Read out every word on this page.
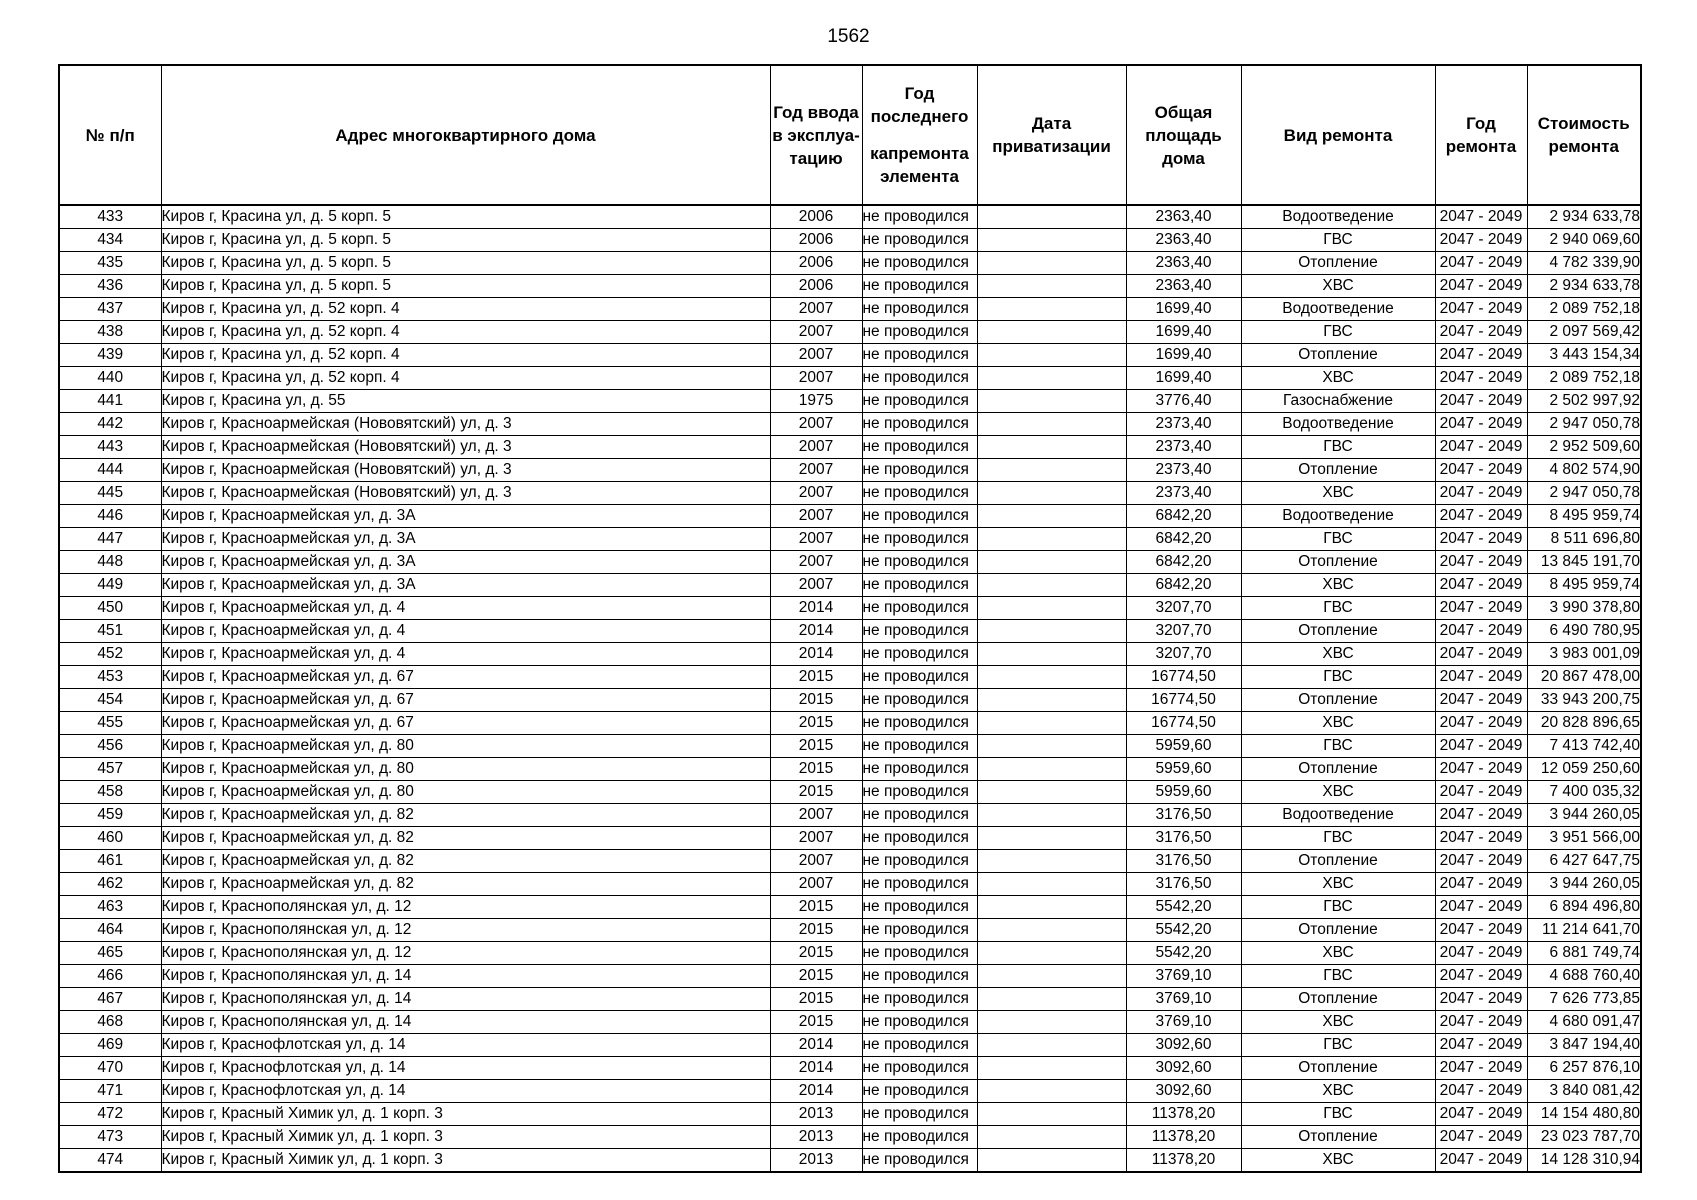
1562
№ п/п	Адрес многоквартирного дома	Год ввода в эксплуа-тацию	Год последнего
капремонта элемента	Дата приватизации	Общая площадь дома	Вид ремонта	Год ремонта	Стоимость ремонта
433	Киров г, Красина ул, д. 5 корп. 5	2006	не проводился		2363,40	Водоотведение	2047 - 2049	2 934 633,78
434	Киров г, Красина ул, д. 5 корп. 5	2006	не проводился		2363,40	ГВС	2047 - 2049	2 940 069,60
435	Киров г, Красина ул, д. 5 корп. 5	2006	не проводился		2363,40	Отопление	2047 - 2049	4 782 339,90
436	Киров г, Красина ул, д. 5 корп. 5	2006	не проводился		2363,40	ХВС	2047 - 2049	2 934 633,78
437	Киров г, Красина ул, д. 52 корп. 4	2007	не проводился		1699,40	Водоотведение	2047 - 2049	2 089 752,18
438	Киров г, Красина ул, д. 52 корп. 4	2007	не проводился		1699,40	ГВС	2047 - 2049	2 097 569,42
439	Киров г, Красина ул, д. 52 корп. 4	2007	не проводился		1699,40	Отопление	2047 - 2049	3 443 154,34
440	Киров г, Красина ул, д. 52 корп. 4	2007	не проводился		1699,40	ХВС	2047 - 2049	2 089 752,18
441	Киров г, Красина ул, д. 55	1975	не проводился		3776,40	Газоснабжение	2047 - 2049	2 502 997,92
442	Киров г, Красноармейская (Нововятский) ул, д. 3	2007	не проводился		2373,40	Водоотведение	2047 - 2049	2 947 050,78
443	Киров г, Красноармейская (Нововятский) ул, д. 3	2007	не проводился		2373,40	ГВС	2047 - 2049	2 952 509,60
444	Киров г, Красноармейская (Нововятский) ул, д. 3	2007	не проводился		2373,40	Отопление	2047 - 2049	4 802 574,90
445	Киров г, Красноармейская (Нововятский) ул, д. 3	2007	не проводился		2373,40	ХВС	2047 - 2049	2 947 050,78
446	Киров г, Красноармейская ул, д. 3А	2007	не проводился		6842,20	Водоотведение	2047 - 2049	8 495 959,74
447	Киров г, Красноармейская ул, д. 3А	2007	не проводился		6842,20	ГВС	2047 - 2049	8 511 696,80
448	Киров г, Красноармейская ул, д. 3А	2007	не проводился		6842,20	Отопление	2047 - 2049	13 845 191,70
449	Киров г, Красноармейская ул, д. 3А	2007	не проводился		6842,20	ХВС	2047 - 2049	8 495 959,74
450	Киров г, Красноармейская ул, д. 4	2014	не проводился		3207,70	ГВС	2047 - 2049	3 990 378,80
451	Киров г, Красноармейская ул, д. 4	2014	не проводился		3207,70	Отопление	2047 - 2049	6 490 780,95
452	Киров г, Красноармейская ул, д. 4	2014	не проводился		3207,70	ХВС	2047 - 2049	3 983 001,09
453	Киров г, Красноармейская ул, д. 67	2015	не проводился		16774,50	ГВС	2047 - 2049	20 867 478,00
454	Киров г, Красноармейская ул, д. 67	2015	не проводился		16774,50	Отопление	2047 - 2049	33 943 200,75
455	Киров г, Красноармейская ул, д. 67	2015	не проводился		16774,50	ХВС	2047 - 2049	20 828 896,65
456	Киров г, Красноармейская ул, д. 80	2015	не проводился		5959,60	ГВС	2047 - 2049	7 413 742,40
457	Киров г, Красноармейская ул, д. 80	2015	не проводился		5959,60	Отопление	2047 - 2049	12 059 250,60
458	Киров г, Красноармейская ул, д. 80	2015	не проводился		5959,60	ХВС	2047 - 2049	7 400 035,32
459	Киров г, Красноармейская ул, д. 82	2007	не проводился		3176,50	Водоотведение	2047 - 2049	3 944 260,05
460	Киров г, Красноармейская ул, д. 82	2007	не проводился		3176,50	ГВС	2047 - 2049	3 951 566,00
461	Киров г, Красноармейская ул, д. 82	2007	не проводился		3176,50	Отопление	2047 - 2049	6 427 647,75
462	Киров г, Красноармейская ул, д. 82	2007	не проводился		3176,50	ХВС	2047 - 2049	3 944 260,05
463	Киров г, Краснополянская ул, д. 12	2015	не проводился		5542,20	ГВС	2047 - 2049	6 894 496,80
464	Киров г, Краснополянская ул, д. 12	2015	не проводился		5542,20	Отопление	2047 - 2049	11 214 641,70
465	Киров г, Краснополянская ул, д. 12	2015	не проводился		5542,20	ХВС	2047 - 2049	6 881 749,74
466	Киров г, Краснополянская ул, д. 14	2015	не проводился		3769,10	ГВС	2047 - 2049	4 688 760,40
467	Киров г, Краснополянская ул, д. 14	2015	не проводился		3769,10	Отопление	2047 - 2049	7 626 773,85
468	Киров г, Краснополянская ул, д. 14	2015	не проводился		3769,10	ХВС	2047 - 2049	4 680 091,47
469	Киров г, Краснофлотская ул, д. 14	2014	не проводился		3092,60	ГВС	2047 - 2049	3 847 194,40
470	Киров г, Краснофлотская ул, д. 14	2014	не проводился		3092,60	Отопление	2047 - 2049	6 257 876,10
471	Киров г, Краснофлотская ул, д. 14	2014	не проводился		3092,60	ХВС	2047 - 2049	3 840 081,42
472	Киров г, Красный Химик ул, д. 1 корп. 3	2013	не проводился		11378,20	ГВС	2047 - 2049	14 154 480,80
473	Киров г, Красный Химик ул, д. 1 корп. 3	2013	не проводился		11378,20	Отопление	2047 - 2049	23 023 787,70
474	Киров г, Красный Химик ул, д. 1 корп. 3	2013	не проводился		11378,20	ХВС	2047 - 2049	14 128 310,94
